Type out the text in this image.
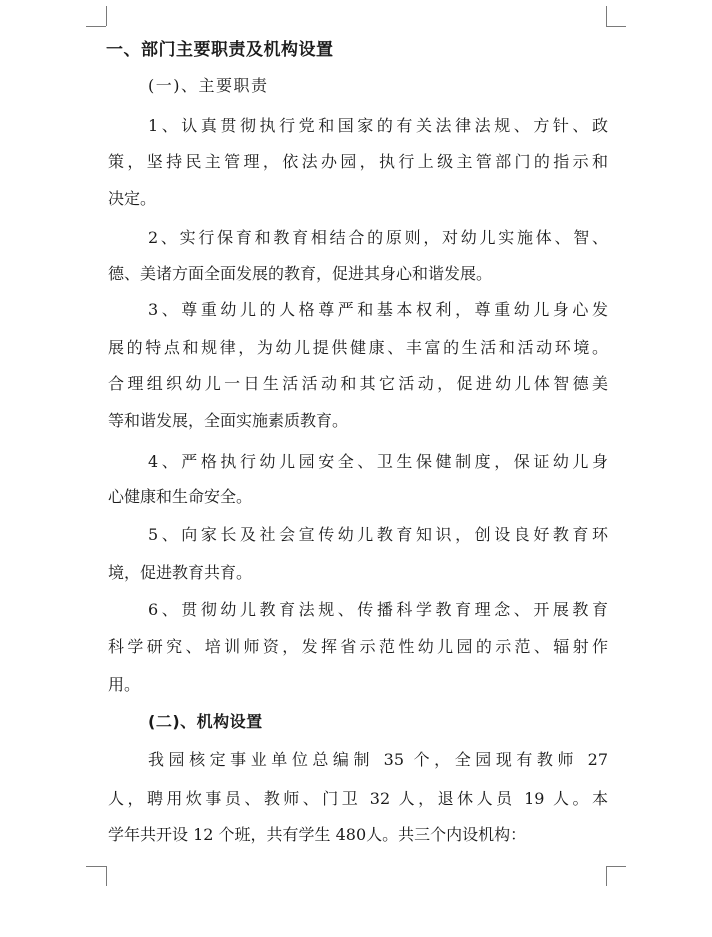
一、部门主要职责及机构设置
(一)、主要职责
1、认真贯彻执行党和国家的有关法律法规、方针、政
策，坚持民主管理，依法办园，执行上级主管部门的指示和
决定。
2、实行保育和教育相结合的原则，对幼儿实施体、智、
德、美诸方面全面发展的教育，促进其身心和谐发展。
3、尊重幼儿的人格尊严和基本权利，尊重幼儿身心发
展的特点和规律，为幼儿提供健康、丰富的生活和活动环境。
合理组织幼儿一日生活活动和其它活动，促进幼儿体智德美
等和谐发展，全面实施素质教育。
4、严格执行幼儿园安全、卫生保健制度，保证幼儿身
心健康和生命安全。
5、向家长及社会宣传幼儿教育知识，创设良好教育环
境，促进教育共育。
6、贯彻幼儿教育法规、传播科学教育理念、开展教育
科学研究、培训师资，发挥省示范性幼儿园的示范、辐射作
用。
(二)、机构设置
我园核定事业单位总编制 35 个，全园现有教师 27
人，聘用炊事员、教师、门卫 32 人，退休人员 19 人。本
学年共开设 12 个班，共有学生 480人。共三个内设机构：
